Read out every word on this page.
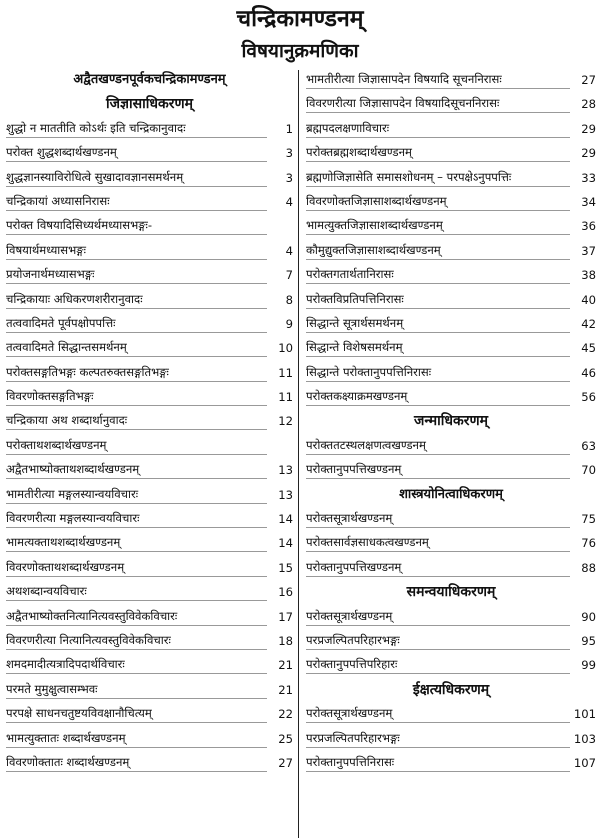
चन्द्रिकामण्डनम्
विषयानुक्रमणिका
अद्वैतखण्डनपूर्वकचन्द्रिकामण्डनम्
जिज्ञासाधिकरणम्
शुद्धो न माततीति कोऽर्थः इति चन्द्रिकानुवादः	1
परोक्त शुद्धशब्दार्थखण्डनम्	3
शुद्धज्ञानस्याविरोधित्वे सुखादावज्ञानसमर्थनम्	3
चन्द्रिकायां अध्यासनिरासः	4
परोक्त विषयादिसिध्यर्थमध्यासभङ्गः-
विषयार्थमध्यासभङ्गः	4
प्रयोजनार्थमध्यासभङ्गः	7
चन्द्रिकायाः अधिकरणशरीरानुवादः	8
तत्ववादिमते पूर्वपक्षोपपत्तिः	9
तत्ववादिमते सिद्धान्तसमर्थनम्	10
परोक्तसङ्गतिभङ्गः कल्पतरुक्तसङ्गतिभङ्गः	11
विवरणोक्तसङ्गतिभङ्गः	11
चन्द्रिकाया अथ शब्दार्थानुवादः	12
परोक्ताथशब्दार्थखण्डनम्
अद्वैतभाष्योक्ताथशब्दार्थखण्डनम्	13
भामतीरीत्या मङ्गलस्यान्वयविचारः	13
विवरणरीत्या मङ्गलस्यान्वयविचारः	14
भामत्यक्ताथशब्दार्थखण्डनम्	14
विवरणोक्ताथशब्दार्थखण्डनम्	15
अथशब्दान्वयविचारः	16
अद्वैतभाष्योक्तनित्यानित्यवस्तुविवेकविचारः	17
विवरणरीत्या नित्यानित्यवस्तुविवेकविचारः	18
शमदमादीत्यत्रादिपदार्थविचारः	21
परमते मुमुक्षुत्वासम्भवः	21
परपक्षे साधनचतुष्टयविवक्षानौचित्यम्	22
भामत्युक्तातः शब्दार्थखण्डनम्	25
विवरणोक्तातः शब्दार्थखण्डनम्	27
भामतीरीत्या जिज्ञासापदेन विषयादि सूचननिरासः	27
विवरणरीत्या जिज्ञासापदेन विषयादिसूचननिरासः	28
ब्रह्मपदलक्षणाविचारः	29
परोक्तब्रह्मशब्दार्थखण्डनम्	29
ब्रह्मणोजिज्ञासेति समासशोधनम् – परपक्षेऽनुपपत्तिः	33
विवरणोक्तजिज्ञासाशब्दार्थखण्डनम्	34
भामत्युक्तजिज्ञासाशब्दार्थखण्डनम्	36
कौमुद्युक्तजिज्ञासाशब्दार्थखण्डनम्	37
परोक्तगतार्थतानिरासः	38
परोक्तविप्रतिपत्तिनिरासः	40
सिद्धान्ते सूत्रार्थसमर्थनम्	42
सिद्धान्ते विशेषसमर्थनम्	45
सिद्धान्ते परोक्तानुपपत्तिनिरासः	46
परोक्तकक्ष्याक्रमखण्डनम्	56
जन्माधिकरणम्
परोक्ततटस्थलक्षणत्वखण्डनम्	63
परोक्तानुपपत्तिखण्डनम्	70
शास्त्रयोनित्वाधिकरणम्
परोक्तसूत्रार्थखण्डनम्	75
परोक्तसार्वज्ञसाधकत्वखण्डनम्	76
परोक्तानुपपत्तिखण्डनम्	88
समन्वयाधिकरणम्
परोक्तसूत्रार्थखण्डनम्	90
परप्रजल्पितपरिहारभङ्गः	95
परोक्तानुपपत्तिपरिहारः	99
ईक्षत्यधिकरणम्
परोक्तसूत्रार्थखण्डनम्	101
परप्रजल्पितपरिहारभङ्गः	103
परोक्तानुपपत्तिनिरासः	107
